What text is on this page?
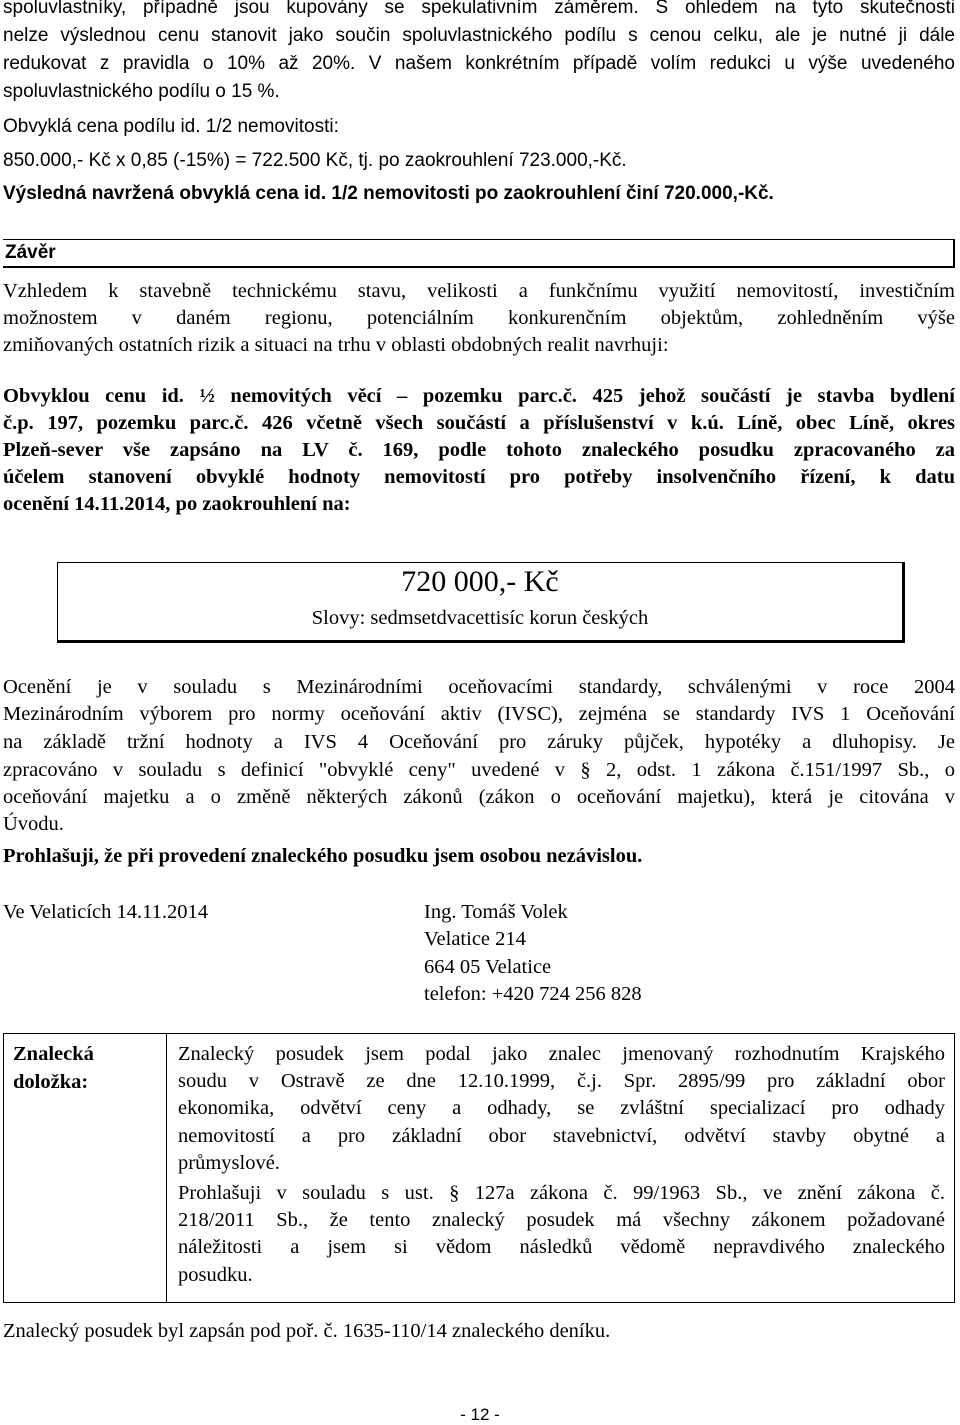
spoluvlastníky, případně jsou kupovány se spekulativním záměrem. S ohledem na tyto skutečnosti
nelze výslednou cenu stanovit jako součin spoluvlastnického podílu s cenou celku, ale je nutné ji dále
redukovat z pravidla o 10% až 20%. V našem konkrétním případě volím redukci u výše uvedeného
spoluvlastnického podílu o 15 %.
Obvyklá cena podílu id. 1/2 nemovitosti:
850.000,- Kč x 0,85 (-15%) = 722.500 Kč, tj. po zaokrouhlení 723.000,-Kč.
Výsledná navržená obvyklá cena id. 1/2 nemovitosti po zaokrouhlení činí 720.000,-Kč.
Závěr
Vzhledem k stavebně technickému stavu, velikosti a funkčnímu využití nemovitostí, investičním
možnostem v daném regionu, potenciálním konkurenčním objektům, zohledněním výše
zmiňovaných ostatních rizik a situaci na trhu v oblasti obdobných realit navrhuji:
Obvyklou cenu id. ½ nemovitých věcí – pozemku parc.č. 425 jehož součástí je stavba bydlení
č.p. 197, pozemku parc.č. 426 včetně všech součástí a příslušenství v k.ú. Líně, obec Líně, okres
Plzeň-sever vše zapsáno na LV č. 169, podle tohoto znaleckého posudku zpracovaného za
účelem stanovení obvyklé hodnoty nemovitostí pro potřeby insolvenčního řízení, k datu
ocenění 14.11.2014, po zaokrouhlení na:
720 000,- Kč
Slovy: sedmsetdvacettisíc korun českých
Ocenění je v souladu s Mezinárodními oceňovacími standardy, schválenými v roce 2004
Mezinárodním výborem pro normy oceňování aktiv (IVSC), zejména se standardy IVS 1 Oceňování
na základě tržní hodnoty a IVS 4 Oceňování pro záruky půjček, hypotéky a dluhopisy. Je
zpracováno v souladu s definicí "obvyklé ceny" uvedené v § 2, odst. 1 zákona č.151/1997 Sb., o
oceňování majetku a o změně některých zákonů (zákon o oceňování majetku), která je citována v
Úvodu.
Prohlašuji, že při provedení znaleckého posudku jsem osobou nezávislou.
Ve Velaticích 14.11.2014	Ing. Tomáš Volek
Velatice 214
664 05 Velatice
telefon: +420 724 256 828
Znalecká
doložka:
Znalecký posudek jsem podal jako znalec jmenovaný rozhodnutím Krajského
soudu v Ostravě ze dne 12.10.1999, č.j. Spr. 2895/99 pro základní obor
ekonomika, odvětví ceny a odhady, se zvláštní specializací pro odhady
nemovitostí a pro základní obor stavebnictví, odvětví stavby obytné a
průmyslové.
Prohlašuji v souladu s ust. § 127a zákona č. 99/1963 Sb., ve znění zákona č.
218/2011 Sb., že tento znalecký posudek má všechny zákonem požadované
náležitosti a jsem si vědom následků vědomě nepravdivého znaleckého
posudku.
Znalecký posudek byl zapsán pod poř. č. 1635-110/14 znaleckého deníku.
- 12 -
